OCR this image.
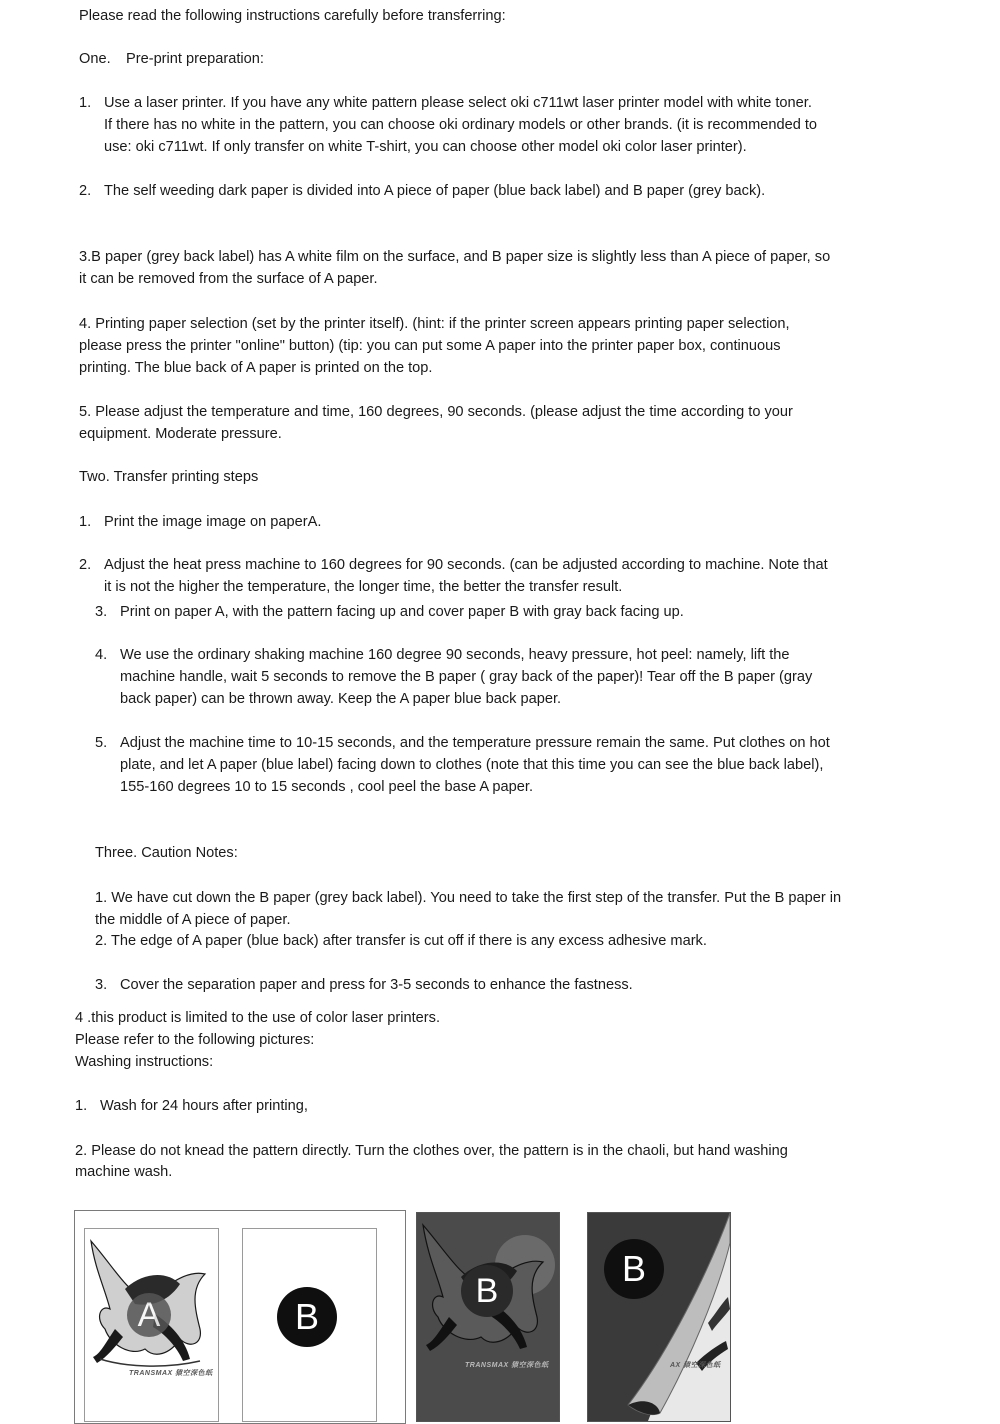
Please read the following instructions carefully before transferring:
One. Pre-print preparation:
1. Use a laser printer. If you have any white pattern please select oki c711wt laser printer model with white toner.
If there has no white in the pattern, you can choose oki ordinary models or other brands. (it is recommended to
use: oki c711wt. If only transfer on white T-shirt, you can choose other model oki color laser printer).
2. The self weeding dark paper is divided into A piece of paper (blue back label) and B paper (grey back).
3.B paper (grey back label) has A white film on the surface, and B paper size is slightly less than A piece of paper, so
it can be removed from the surface of A paper.
4. Printing paper selection (set by the printer itself). (hint: if the printer screen appears printing paper selection,
please press the printer "online" button) (tip: you can put some A paper into the printer paper box, continuous
printing. The blue back of A paper is printed on the top.
5. Please adjust the temperature and time, 160 degrees, 90 seconds. (please adjust the time according to your
equipment. Moderate pressure.
Two. Transfer printing steps
1. Print the image image on paperA.
2. Adjust the heat press machine to 160 degrees for 90 seconds. (can be adjusted according to machine. Note that
it is not the higher the temperature, the longer time, the better the transfer result.
3. Print on paper A, with the pattern facing up and cover paper B with gray back facing up.
4. We use the ordinary shaking machine 160 degree 90 seconds, heavy pressure, hot peel: namely, lift the
machine handle, wait 5 seconds to remove the B paper ( gray back of the paper)! Tear off the B paper (gray
back paper) can be thrown away. Keep the A paper blue back paper.
5. Adjust the machine time to 10-15 seconds, and the temperature pressure remain the same. Put clothes on hot
plate, and let A paper (blue label) facing down to clothes (note that this time you can see the blue back label),
155-160 degrees 10 to 15 seconds , cool peel the base A paper.
Three. Caution Notes:
1. We have cut down the B paper (grey back label). You need to take the first step of the transfer. Put the B paper in
the middle of A piece of paper.
2. The edge of A paper (blue back) after transfer is cut off if there is any excess adhesive mark.
3. Cover the separation paper and press for 3-5 seconds to enhance the fastness.
4 .this product is limited to the use of color laser printers.
Please refer to the following pictures:
Washing instructions:
1. Wash for 24 hours after printing,
2. Please do not knead the pattern directly. Turn the clothes over, the pattern is in the chaoli, but hand washing
machine wash.
A
TRANSMAX 猿空深色纸
B
B
TRANSMAX 猿空深色纸
B
AX 猿空深色纸
